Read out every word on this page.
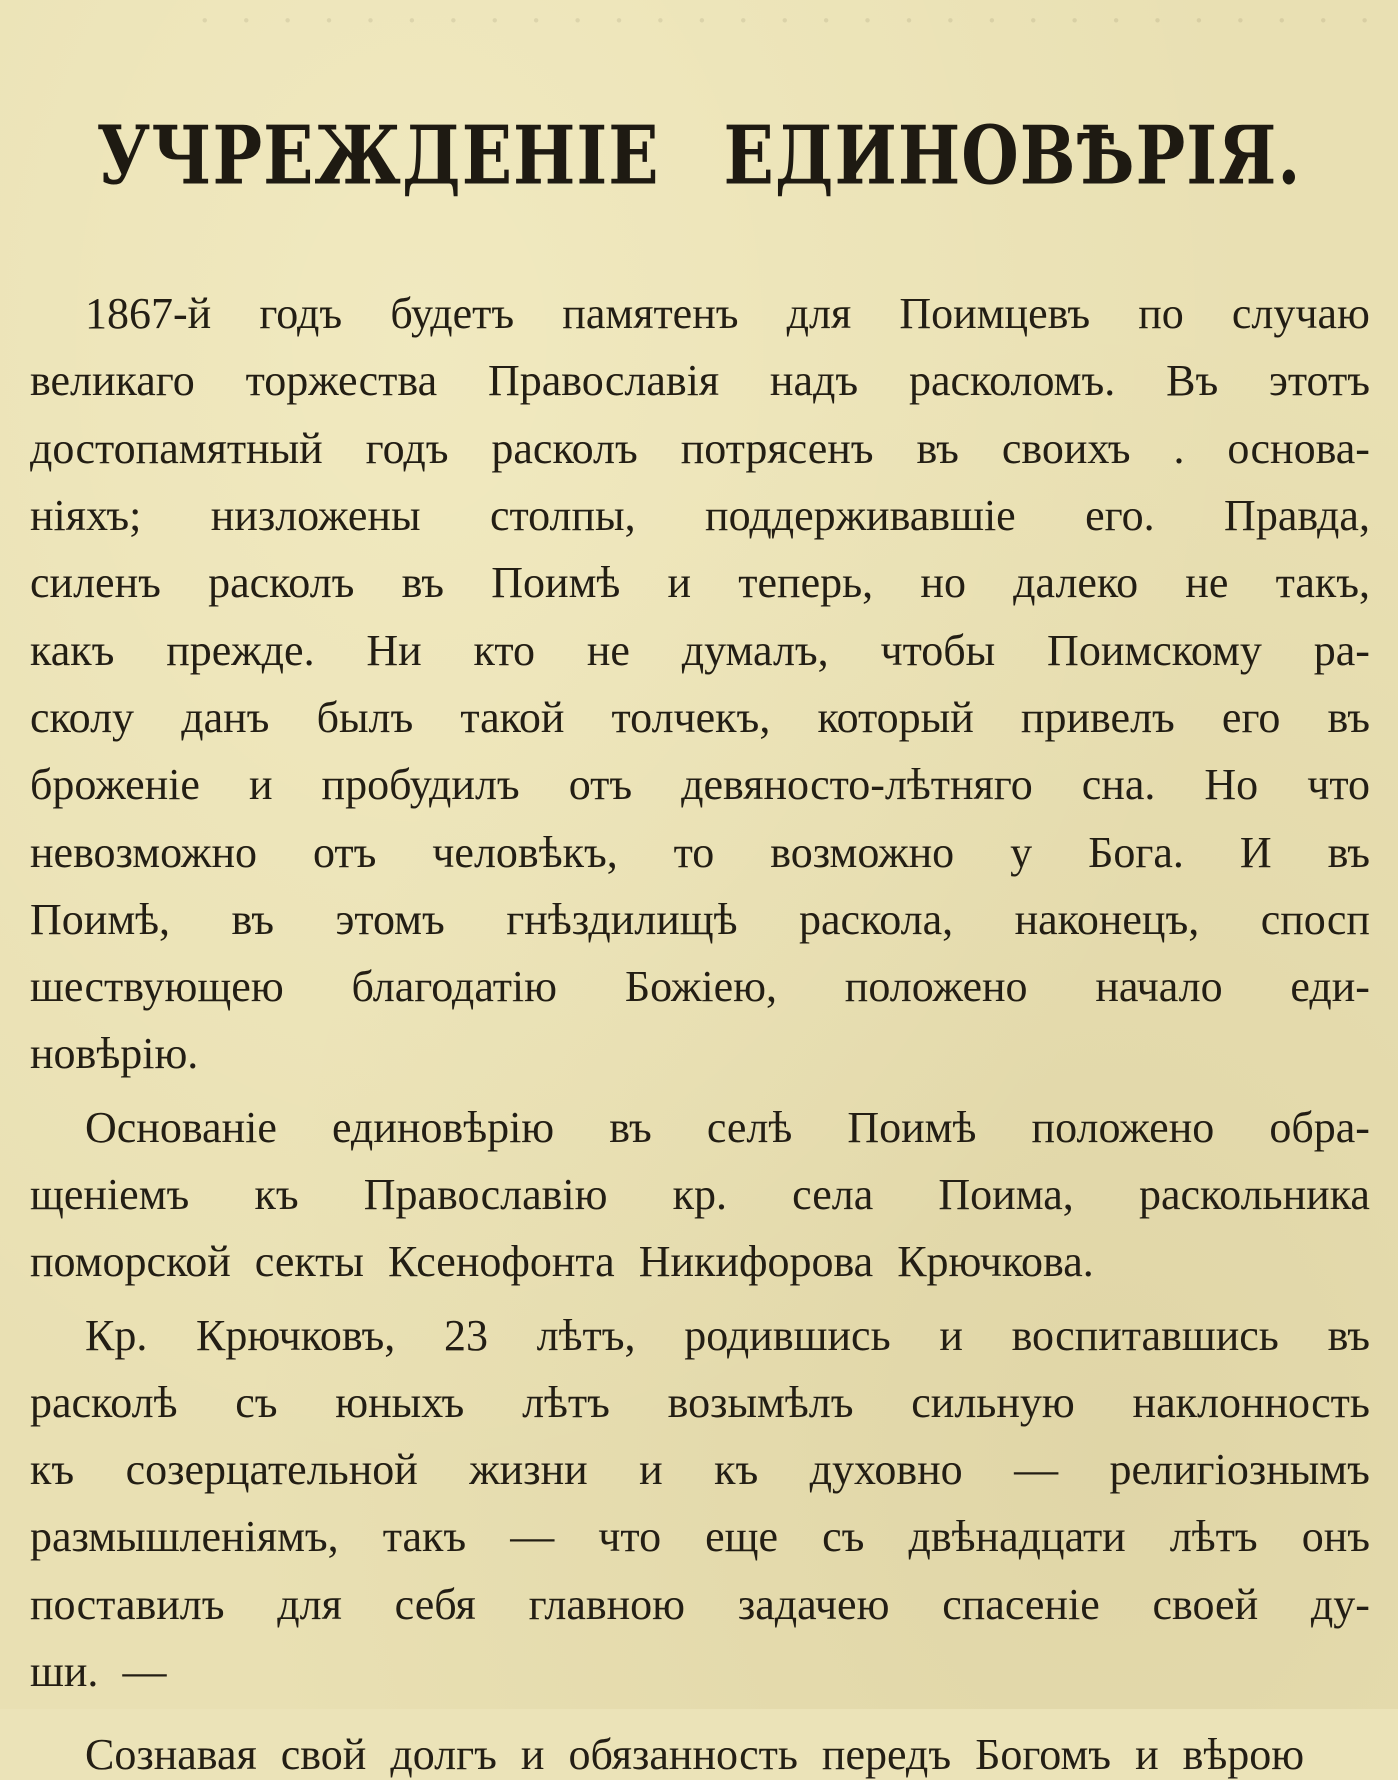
·  ·  ·  ·  ·  ·  ·  ·  ·  ·  ·  ·  ·  ·  ·  ·  ·  ·  ·  ·  ·  ·  ·  ·  ·  ·  ·  ·  ·
УЧРЕЖДЕНІЕ ЕДИНОВѢРІЯ.
1867-й годъ будетъ памятенъ для Поимцевъ по случаю
великаго торжества Православія надъ расколомъ. Въ этотъ
достопамятный годъ расколъ потрясенъ въ своихъ . основа-
ніяхъ; низложены столпы, поддерживавшіе его. Правда,
силенъ расколъ въ Поимѣ и теперь, но далеко не такъ,
какъ прежде. Ни кто не думалъ, чтобы Поимскому ра-
сколу данъ былъ такой толчекъ, который привелъ его въ
броженіе и пробудилъ отъ девяносто-лѣтняго сна. Но что
невозможно отъ человѣкъ, то возможно у Бога. И въ
Поимѣ, въ этомъ гнѣздилищѣ раскола, наконецъ, спосп
шествующею благодатію Божіею, положено начало еди-
новѣрію.
Основаніе единовѣрію въ селѣ Поимѣ положено обра-
щеніемъ къ Православію кр. села Поима, раскольника
поморской секты Ксенофонта Никифорова Крючкова.
Кр. Крючковъ, 23 лѣтъ, родившись и воспитавшись въ
расколѣ съ юныхъ лѣтъ возымѣлъ сильную наклонность
къ созерцательной жизни и къ духовно — религіознымъ
размышленіямъ, такъ — что еще съ двѣнадцати лѣтъ онъ
поставилъ для себя главною задачею спасеніе своей ду-
ши. —
Сознавая свой долгъ и обязанность передъ Богомъ и вѣрою
